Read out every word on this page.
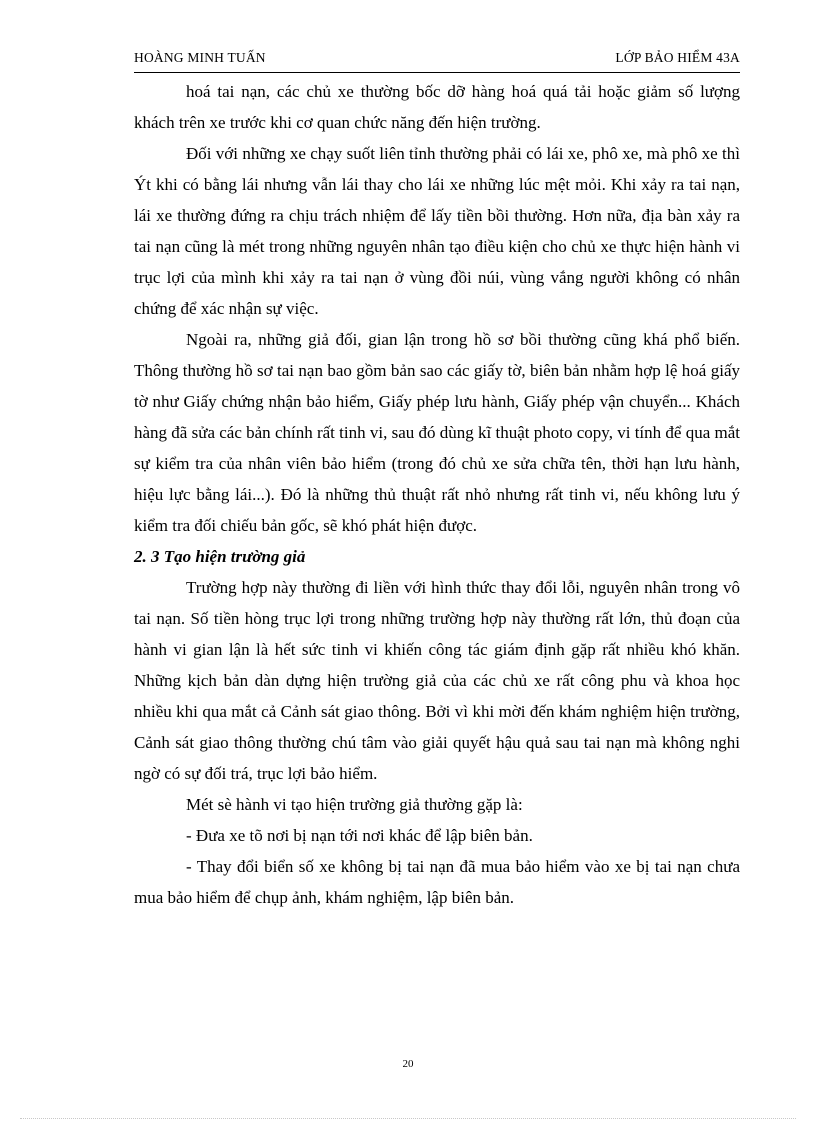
HOÀNG MINH TUẤN	LỚP BẢO HIỂM 43A

hoá tai nạn, các chủ xe thường bốc dỡ hàng hoá quá tải hoặc giảm số lượng khách trên xe trước khi cơ quan chức năng đến hiện trường.

Đối với những xe chạy suốt liên tỉnh thường phải có lái xe, phô xe, mà phô xe thì Ýt khi có bằng lái nhưng vẫn lái thay cho lái xe những lúc mệt mỏi. Khi xảy ra tai nạn, lái xe thường đứng ra chịu trách nhiệm để lấy tiền bồi thường. Hơn nữa, địa bàn xảy ra tai nạn cũng là mét trong những nguyên nhân tạo điều kiện cho chủ xe thực hiện hành vi trục lợi của mình khi xảy ra tai nạn ở vùng đồi núi, vùng vắng người không có nhân chứng để xác nhận sự việc.

Ngoài ra, những giả đối, gian lận trong hồ sơ bồi thường cũng khá phổ biến. Thông thường hồ sơ tai nạn bao gồm bản sao các giấy tờ, biên bản nhằm hợp lệ hoá giấy tờ như Giấy chứng nhận bảo hiểm, Giấy phép lưu hành, Giấy phép vận chuyển... Khách hàng đã sửa các bản chính rất tinh vi, sau đó dùng kĩ thuật photo copy, vi tính để qua mắt sự kiểm tra của nhân viên bảo hiểm (trong đó chủ xe sửa chữa tên, thời hạn lưu hành, hiệu lực bằng lái...). Đó là những thủ thuật rất nhỏ nhưng rất tinh vi, nếu không lưu ý kiểm tra đối chiếu bản gốc, sẽ khó phát hiện được.

2. 3 Tạo hiện trường giả

Trường hợp này thường đi liền với hình thức thay đổi lỗi, nguyên nhân trong vô tai nạn. Số tiền hòng trục lợi trong những trường hợp này thường rất lớn, thủ đoạn của hành vi gian lận là hết sức tinh vi khiến công tác giám định gặp rất nhiều khó khăn. Những kịch bản dàn dựng hiện trường giả của các chủ xe rất công phu và khoa học nhiều khi qua mắt cả Cảnh sát giao thông. Bởi vì khi mời đến khám nghiệm hiện trường, Cảnh sát giao thông thường chú tâm vào giải quyết hậu quả sau tai nạn mà không nghi ngờ có sự đối trá, trục lợi bảo hiểm.

Mét sè hành vi tạo hiện trường giả thường gặp là:

- Đưa xe tõ nơi bị nạn tới nơi khác để lập biên bản.

- Thay đổi biển số xe không bị tai nạn đã mua bảo hiểm vào xe bị tai nạn chưa mua bảo hiểm để chụp ảnh, khám nghiệm, lập biên bản.

20
